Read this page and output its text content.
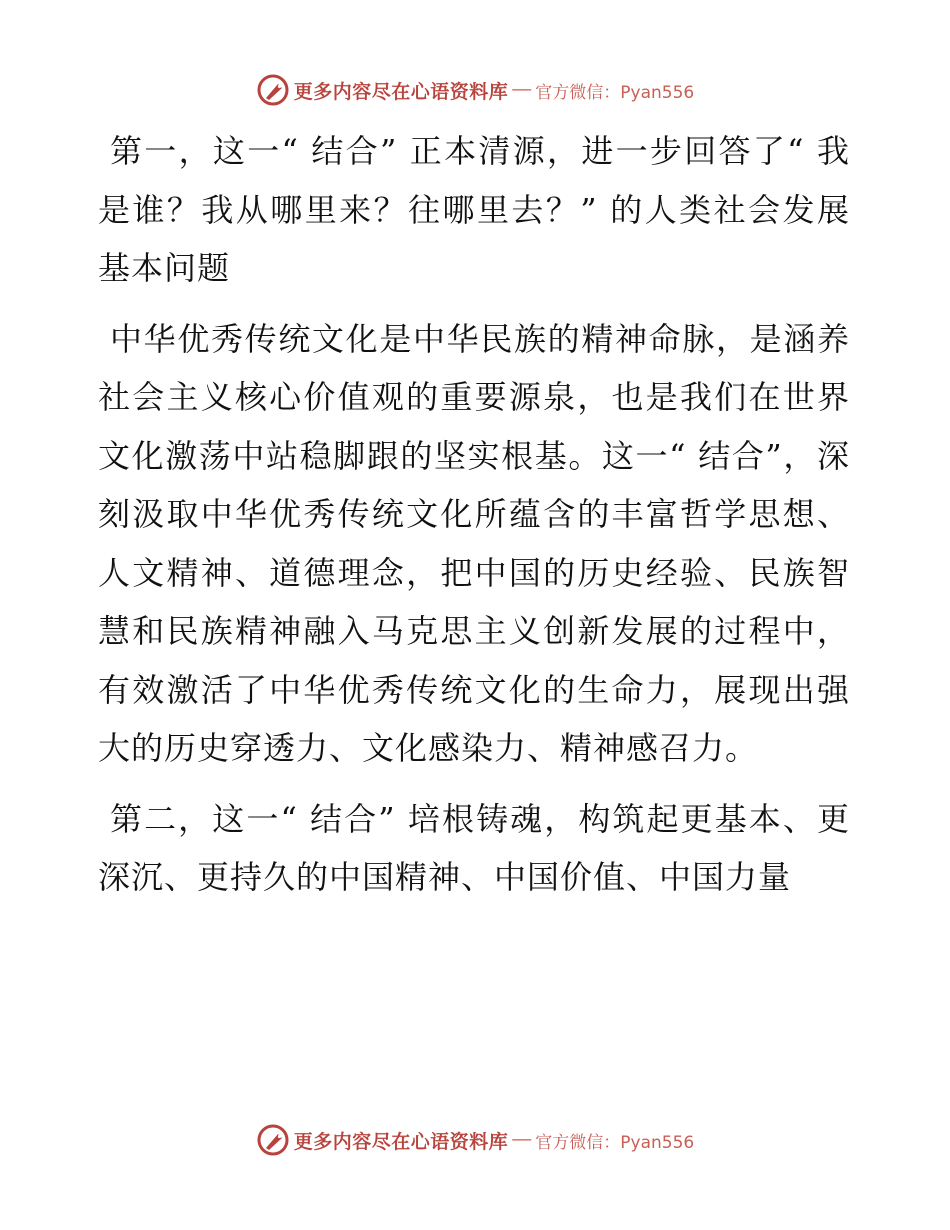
更多内容尽在心语资料库 — 官方微信：Pyan556

第一，这一“ 结合” 正本清源，进一步回答了“ 我是谁？我从哪里来？往哪里去？” 的人类社会发展基本问题

中华优秀传统文化是中华民族的精神命脉，是涵养社会主义核心价值观的重要源泉，也是我们在世界文化激荡中站稳脚跟的坚实根基。这一“ 结合”，深刻汲取中华优秀传统文化所蕴含的丰富哲学思想、人文精神、道德理念，把中国的历史经验、民族智慧和民族精神融入马克思主义创新发展的过程中，有效激活了中华优秀传统文化的生命力，展现出强大的历史穿透力、文化感染力、精神感召力。

第二，这一“ 结合” 培根铸魂，构筑起更基本、更深沉、更持久的中国精神、中国价值、中国力量

更多内容尽在心语资料库 — 官方微信：Pyan556
